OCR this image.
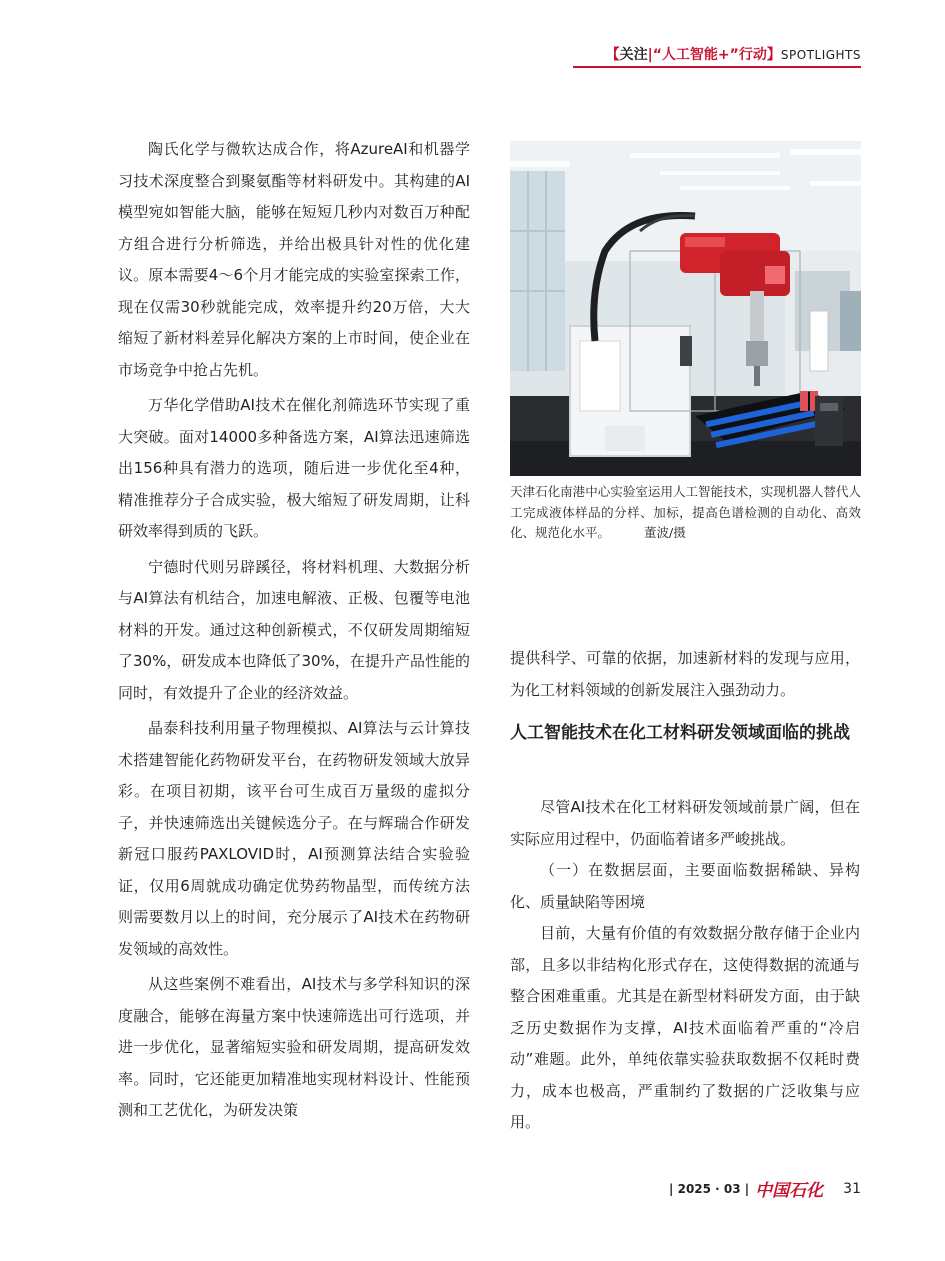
【关注|“人工智能+”行动】SPOTLIGHTS

陶氏化学与微软达成合作，将AzureAI和机器学习技术深度整合到聚氨酯等材料研发中。其构建的AI模型宛如智能大脑，能够在短短几秒内对数百万种配方组合进行分析筛选，并给出极具针对性的优化建议。原本需要4～6个月才能完成的实验室探索工作，现在仅需30秒就能完成，效率提升约20万倍，大大缩短了新材料差异化解决方案的上市时间，使企业在市场竞争中抢占先机。

万华化学借助AI技术在催化剂筛选环节实现了重大突破。面对14000多种备选方案，AI算法迅速筛选出156种具有潜力的选项，随后进一步优化至4种，精准推荐分子合成实验，极大缩短了研发周期，让科研效率得到质的飞跃。

宁德时代则另辟蹊径，将材料机理、大数据分析与AI算法有机结合，加速电解液、正极、包覆等电池材料的开发。通过这种创新模式，不仅研发周期缩短了30%，研发成本也降低了30%，在提升产品性能的同时，有效提升了企业的经济效益。

晶泰科技利用量子物理模拟、AI算法与云计算技术搭建智能化药物研发平台，在药物研发领域大放异彩。在项目初期，该平台可生成百万量级的虚拟分子，并快速筛选出关键候选分子。在与辉瑞合作研发新冠口服药PAXLOVID时，AI预测算法结合实验验证，仅用6周就成功确定优势药物晶型，而传统方法则需要数月以上的时间，充分展示了AI技术在药物研发领域的高效性。

从这些案例不难看出，AI技术与多学科知识的深度融合，能够在海量方案中快速筛选出可行选项，并进一步优化，显著缩短实验和研发周期，提高研发效率。同时，它还能更加精准地实现材料设计、性能预测和工艺优化，为研发决策

天津石化南港中心实验室运用人工智能技术，实现机器人替代人工完成液体样品的分样、加标，提高色谱检测的自动化、高效化、规范化水平。	董波/摄

提供科学、可靠的依据，加速新材料的发现与应用，为化工材料领域的创新发展注入强劲动力。

人工智能技术在化工材料研发领域面临的挑战

尽管AI技术在化工材料研发领域前景广阔，但在实际应用过程中，仍面临着诸多严峻挑战。

（一）在数据层面，主要面临数据稀缺、异构化、质量缺陷等困境

目前，大量有价值的有效数据分散存储于企业内部，且多以非结构化形式存在，这使得数据的流通与整合困难重重。尤其是在新型材料研发方面，由于缺乏历史数据作为支撑，AI技术面临着严重的“冷启动”难题。此外，单纯依靠实验获取数据不仅耗时费力，成本也极高，严重制约了数据的广泛收集与应用。

| 2025 · 03 | 中国石化 31
